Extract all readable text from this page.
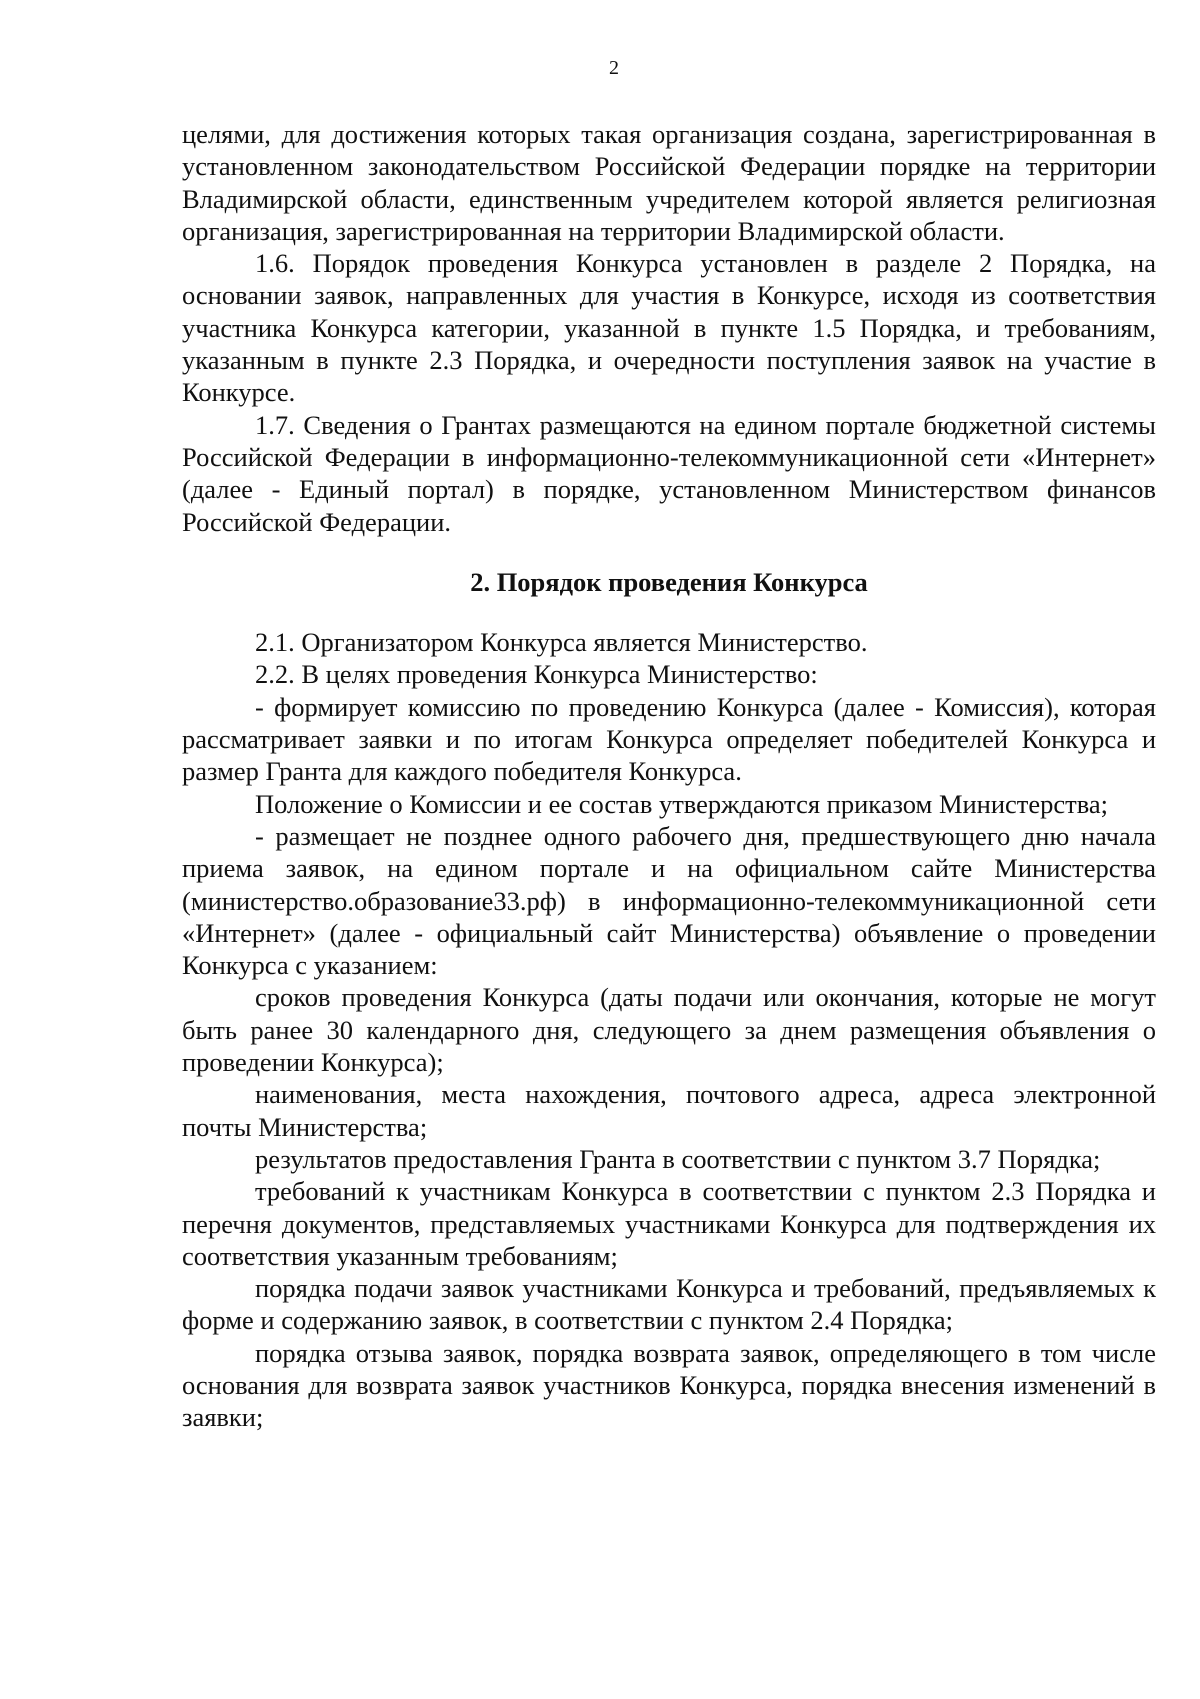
2

целями, для достижения которых такая организация создана, зарегистрированная в установленном законодательством Российской Федерации порядке на территории Владимирской области, единственным учредителем которой является религиозная организация, зарегистрированная на территории Владимирской области.

1.6. Порядок проведения Конкурса установлен в разделе 2 Порядка, на основании заявок, направленных для участия в Конкурсе, исходя из соответствия участника Конкурса категории, указанной в пункте 1.5 Порядка, и требованиям, указанным в пункте 2.3 Порядка, и очередности поступления заявок на участие в Конкурсе.

1.7. Сведения о Грантах размещаются на едином портале бюджетной системы Российской Федерации в информационно-телекоммуникационной сети «Интернет» (далее - Единый портал) в порядке, установленном Министерством финансов Российской Федерации.

2. Порядок проведения Конкурса

2.1. Организатором Конкурса является Министерство.

2.2. В целях проведения Конкурса Министерство:

- формирует комиссию по проведению Конкурса (далее - Комиссия), которая рассматривает заявки и по итогам Конкурса определяет победителей Конкурса и размер Гранта для каждого победителя Конкурса.

Положение о Комиссии и ее состав утверждаются приказом Министерства;

- размещает не позднее одного рабочего дня, предшествующего дню начала приема заявок, на едином портале и на официальном сайте Министерства (министерство.образование33.рф) в информационно-телекоммуникационной сети «Интернет» (далее - официальный сайт Министерства) объявление о проведении Конкурса с указанием:

сроков проведения Конкурса (даты подачи или окончания, которые не могут быть ранее 30 календарного дня, следующего за днем размещения объявления о проведении Конкурса);

наименования, места нахождения, почтового адреса, адреса электронной почты Министерства;

результатов предоставления Гранта в соответствии с пунктом 3.7 Порядка;

требований к участникам Конкурса в соответствии с пунктом 2.3 Порядка и перечня документов, представляемых участниками Конкурса для подтверждения их соответствия указанным требованиям;

порядка подачи заявок участниками Конкурса и требований, предъявляемых к форме и содержанию заявок, в соответствии с пунктом 2.4 Порядка;

порядка отзыва заявок, порядка возврата заявок, определяющего в том числе основания для возврата заявок участников Конкурса, порядка внесения изменений в заявки;
